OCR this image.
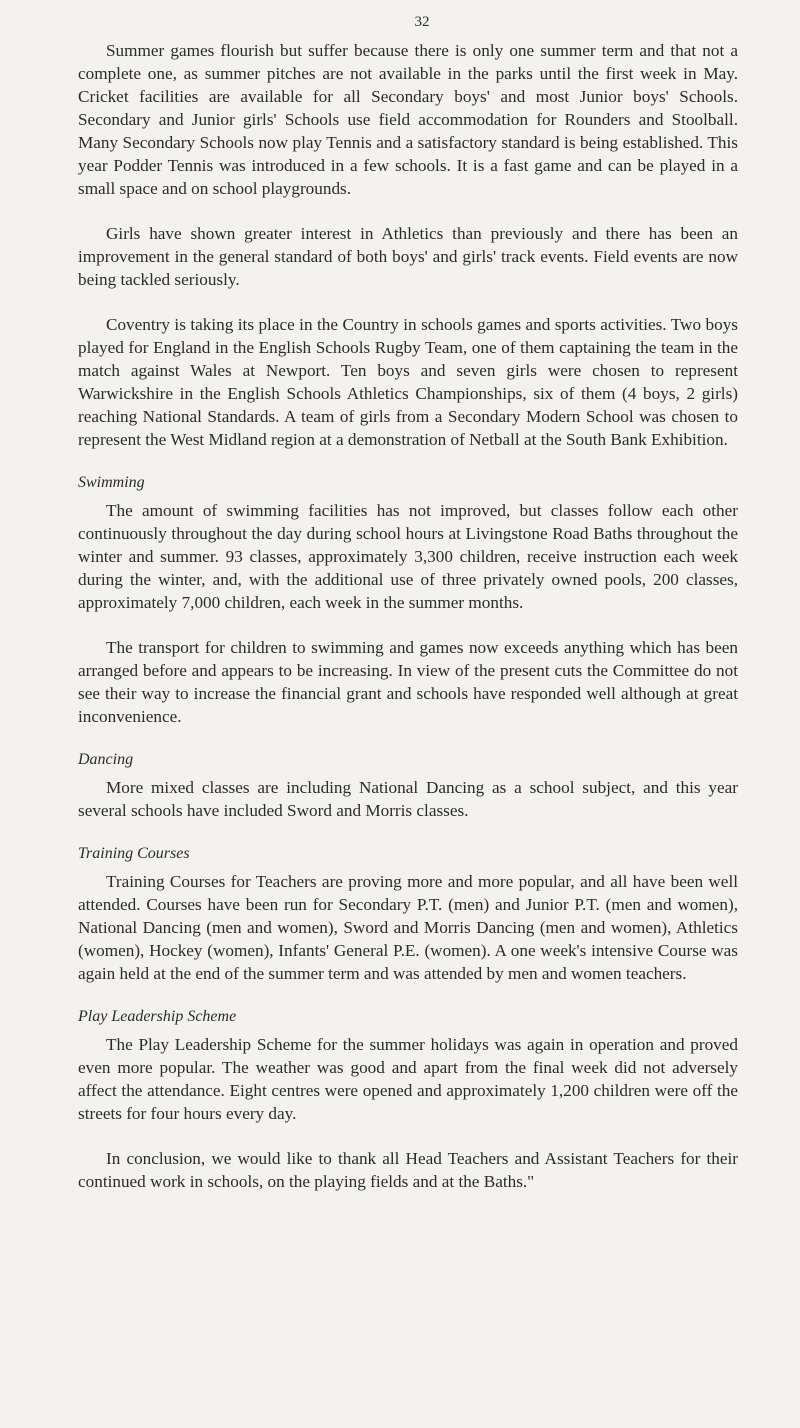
32

Summer games flourish but suffer because there is only one summer term and that not a complete one, as summer pitches are not available in the parks until the first week in May. Cricket facilities are available for all Secondary boys' and most Junior boys' Schools. Secondary and Junior girls' Schools use field accommodation for Rounders and Stoolball. Many Secondary Schools now play Tennis and a satisfactory standard is being established. This year Podder Tennis was introduced in a few schools. It is a fast game and can be played in a small space and on school playgrounds.

Girls have shown greater interest in Athletics than previously and there has been an improvement in the general standard of both boys' and girls' track events. Field events are now being tackled seriously.

Coventry is taking its place in the Country in schools games and sports activities. Two boys played for England in the English Schools Rugby Team, one of them captaining the team in the match against Wales at Newport. Ten boys and seven girls were chosen to represent Warwickshire in the English Schools Athletics Championships, six of them (4 boys, 2 girls) reaching National Standards. A team of girls from a Secondary Modern School was chosen to represent the West Midland region at a demonstration of Netball at the South Bank Exhibition.

Swimming

The amount of swimming facilities has not improved, but classes follow each other continuously throughout the day during school hours at Livingstone Road Baths throughout the winter and summer. 93 classes, approximately 3,300 children, receive instruction each week during the winter, and, with the additional use of three privately owned pools, 200 classes, approximately 7,000 children, each week in the summer months.

The transport for children to swimming and games now exceeds anything which has been arranged before and appears to be increasing. In view of the present cuts the Committee do not see their way to increase the financial grant and schools have responded well although at great inconvenience.

Dancing

More mixed classes are including National Dancing as a school subject, and this year several schools have included Sword and Morris classes.

Training Courses

Training Courses for Teachers are proving more and more popular, and all have been well attended. Courses have been run for Secondary P.T. (men) and Junior P.T. (men and women), National Dancing (men and women), Sword and Morris Dancing (men and women), Athletics (women), Hockey (women), Infants' General P.E. (women). A one week's intensive Course was again held at the end of the summer term and was attended by men and women teachers.

Play Leadership Scheme

The Play Leadership Scheme for the summer holidays was again in operation and proved even more popular. The weather was good and apart from the final week did not adversely affect the attendance. Eight centres were opened and approximately 1,200 children were off the streets for four hours every day.

In conclusion, we would like to thank all Head Teachers and Assistant Teachers for their continued work in schools, on the playing fields and at the Baths."
